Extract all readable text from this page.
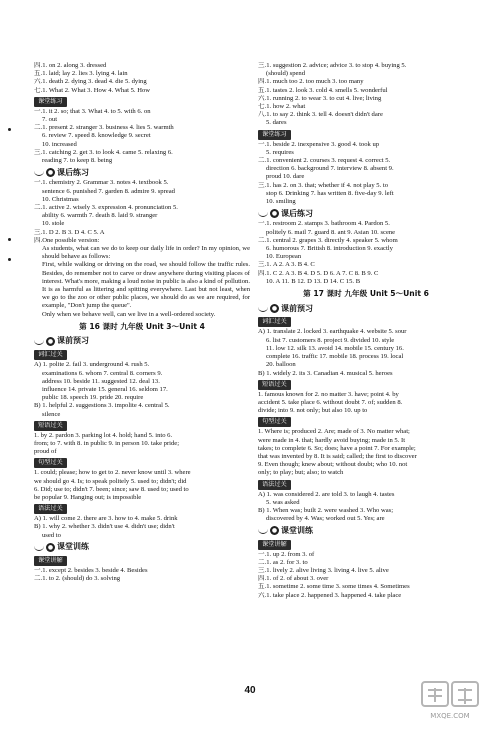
四.1. on 2. along 3. dressed
五.1. laid; lay 2. lies 3. lying 4. lain
六.1. death 2. dying 3. dead 4. die 5. dying
七.1. What 2. What 3. How 4. What 5. How
课堂练习
一.1. it 2. so; that 3. What 4. to 5. with 6. on
7. out
二.1. present 2. stranger 3. business 4. lies 5. warmth
6. review 7. speed 8. knowledge 9. secret
10. increased
三.1. catching 2. get 3. to look 4. came 5. relaxing 6.
reading 7. to keep 8. being
● 课后练习
一.1. chemistry 2. Grammar 3. notes 4. textbook 5.
sentence 6. punished 7. garden 8. admire 9. spread
10. Christmas
二.1. active 2. wisely 3. expression 4. pronunciation 5.
ability 6. warmth 7. death 8. laid 9. stranger
10. stole
三.1. D 2. B 3. D 4. C 5. A
四.One possible version:
As students, what can we do to keep our daily life in order? In my opinion, we should behave as follows:
First, while walking or driving on the road, we should follow the traffic rules. Besides, do remember not to carve or draw anywhere during visiting places of interest. What's more, making a loud noise in public is also a kind of pollution. It is as harmful as littering and spitting everywhere. Last but not least, when we go to the zoo or other public places, we should do as we are required, for example, "Don't jump the queue".
Only when we behave well, can we live in a well-ordered society.
第 16 课时 九年级 Unit 3～Unit 4
● 课前预习
词汇过关
A) 1. polite 2. fail 3. underground 4. rush 5.
examinations 6. whom 7. central 8. corners 9.
address 10. beside 11. suggested 12. deal 13.
influence 14. private 15. general 16. seldom 17.
public 18. speech 19. pride 20. require
B) 1. helpful 2. suggestions 3. impolite 4. central 5.
silence
短语过关
1. by 2. pardon 3. parking lot 4. hold; hand 5. into 6.
from; to 7. with 8. in public 9. in person 10. take pride;
proud of
句型过关
1. could; please; how to get to 2. never know until 3. where
we should go 4. Is; to speak politely 5. used to; didn't; did
6. Did; use to; didn't 7. been; since; saw 8. used to; used to
be popular 9. Hanging out; is impossible
语法过关
A) 1. will come 2. there are 3. how to 4. make 5. drink
B) 1. why 2. whether 3. didn't use 4. didn't use; didn't
used to
● 课堂训练
课堂讲解
一.1. except 2. besides 3. beside 4. Besides
二.1. to 2. (should) do 3. solving
三.1. suggestion 2. advice; advice 3. to stop 4. buying 5.
(should) spend
四.1. much too 2. too much 3. too many
五.1. tastes 2. look 3. cold 4. smells 5. wonderful
六.1. running 2. to wear 3. to cut 4. live; living
七.1. how 2. what
八.1. to say 2. think 3. tell 4. doesn't didn't dare
5. dares
课堂练习
一.1. beside 2. inexpensive 3. good 4. took up
5. requires
二.1. convenient 2. courses 3. request 4. correct 5.
direction 6. background 7. interview 8. absent 9.
proud 10. dare
三.1. has 2. on 3. that; whether if 4. not play 5. to
stop 6. Drinking 7. has written 8. five-day 9. left
10. smiling
● 课后练习
一.1. restroom 2. stamps 3. bathroom 4. Pardon 5.
politely 6. mail 7. guard 8. ant 9. Asian 10. scene
二.1. central 2. grapes 3. directly 4. speaker 5. whom
6. humorous 7. British 8. introduction 9. exactly
10. European
三.1. A 2. A 3. B 4. C
四.1. C 2. A 3. B 4. D 5. D 6. A 7. C 8. B 9. C
10. A 11. B 12. D 13. D 14. C 15. B
第 17 课时 九年级 Unit 5～Unit 6
● 课前预习
词汇过关
A) 1. translate 2. locked 3. earthquake 4. website 5. sour
6. list 7. customers 8. project 9. divided 10. style
11. low 12. silk 13. avoid 14. mobile 15. century 16.
complete 16. traffic 17. mobile 18. process 19. local
20. balloon
B) 1. widely 2. its 3. Canadian 4. musical 5. heroes
短语过关
1. famous known for 2. no matter 3. have; point 4. by
accident 5. take place 6. without doubt 7. of; sudden 8.
divide; into 9. not only; but also 10. up to
句型过关
1. Where is; produced 2. Are; made of 3. No matter what;
were made in 4. that; hardly avoid buying; made in 5. It
takes; to complete 6. So; does; have a point 7. For example;
that was invented by 8. It is said; called; the first to discover
9. Even though; knew about; without doubt; who 10. not
only; to play; but; also; to watch
语法过关
A) 1. was considered 2. are told 3. to laugh 4. tastes
5. was asked
B) 1. When was; built 2. were washed 3. Who was;
discovered by 4. Was; worked out 5. Yes; are
● 课堂训练
课堂讲解
一.1. up 2. from 3. of
二.1. as 2. for 3. to
三.1. lively 2. alive living 3. living 4. live 5. alive
四.1. of 2. of about 3. over
五.1. sometime 2. some time 3. some times 4. Sometimes
六.1. take place 2. happened 3. happened 4. take place
40
MXQE.COM
